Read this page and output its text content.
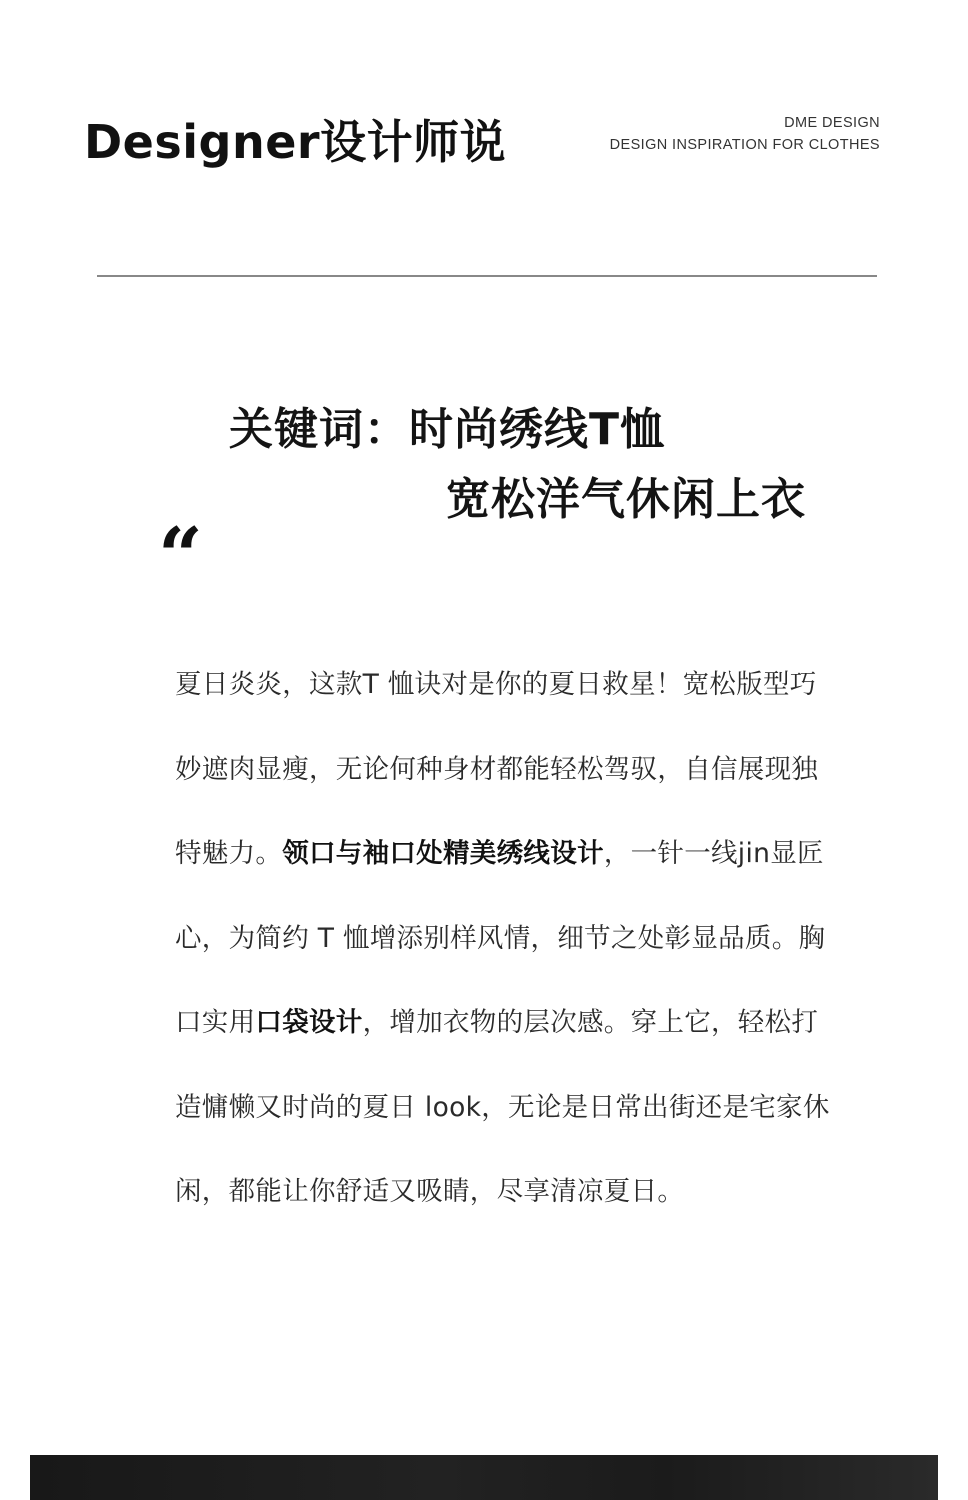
Designer设计师说	DME DESIGN
DESIGN INSPIRATION FOR CLOTHES
关键词：时尚绣线T恤
宽松洋气休闲上衣
“
夏日炎炎，这款T 恤诀对是你的夏日救星！宽松版型巧妙遮肉显瘦，无论何种身材都能轻松驾驭，自信展现独特魅力。领口与袖口处精美绣线设计，一针一线jin显匠心，为简约 T 恤增添别样风情，细节之处彰显品质。胸口实用口袋设计，增加衣物的层次感。穿上它，轻松打造慵懒又时尚的夏日 look，无论是日常出街还是宅家休闲，都能让你舒适又吸睛，尽享清凉夏日。
